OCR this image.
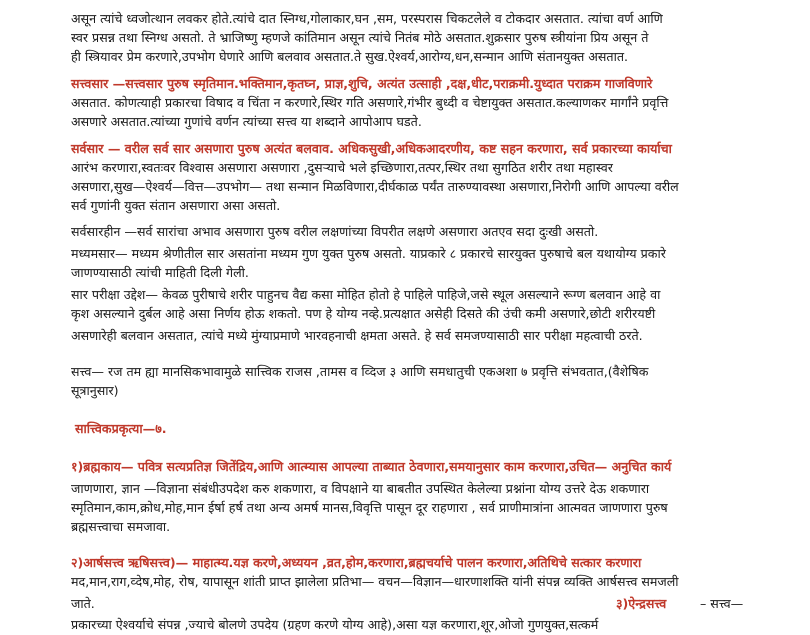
असून त्यांचे ध्वजोत्थान लवकर होते.त्यांचे दात स्निग्ध,गोलाकार,घन ,सम, परस्परास चिकटलेले व टोकदार असतात. त्यांचा वर्ण आणि
स्वर प्रसन्न तथा स्निग्ध असतो. ते भ्राजिष्णु म्हणजे कांतिमान असून त्यांचे नितंब मोठे असतात.शुक्रसार पुरुष स्त्रीयांना प्रिय असून ते
ही स्त्रियावर प्रेम करणारे,उपभोग घेणारे आणि बलवाव असतात.ते सुख.ऐश्वर्य,आरोग्य,धन,सन्मान आणि संतानयुक्त असतात.
सत्त्वसार —सत्त्वसार पुरुष स्मृतिमान.भक्तिमान,कृतघ्न, प्राज्ञ,शुचि, अत्यंत उत्साही ,दक्ष,धीट,पराक्रमी.युध्दात पराक्रम गाजविणारे
असतात. कोणत्याही प्रकारचा विषाद व चिंता न करणारे,स्थिर गति असणारे,गंभीर बुध्दी व चेष्टायुक्त असतात.कल्याणकर मार्गांने प्रवृत्ति
असणारे असतात.त्यांच्या गुणांचे वर्णन त्यांच्या सत्त्व या शब्दाने आपोआप घडते.
सर्वसार — वरील सर्व सार असणारा पुरुष अत्यंत बलवाव. अधिकसुखी,अधिकआदरणीय, कष्ट सहन करणारा, सर्व प्रकारच्या कार्याचा
आरंभ करणारा,स्वतःवर विश्वास असणारा असणारा ,दुसऱ्याचे भले इच्छिणारा,तत्पर,स्थिर तथा सुगठित शरीर तथा महास्वर
असणारा,सुख—ऐश्वर्य—वित्त—उपभोग— तथा सन्मान मिळविणारा,दीर्घकाळ पर्यंत तारुण्यावस्था असणारा,निरोगी आणि आपल्या वरील
सर्व गुणांनी युक्त संतान असणारा असा असतो.
सर्वसारहीन —सर्व सारांचा अभाव असणारा पुरुष वरील लक्षणांच्या विपरीत लक्षणे असणारा अतएव सदा दुःखी असतो.
मध्यमसार— मध्यम श्रेणीतील सार असतांना मध्यम गुण युक्त पुरुष असतो. याप्रकारे ८ प्रकारचे सारयुक्त पुरुषाचे बल यथायोग्य प्रकारे
जाणण्यासाठी त्यांची माहिती दिली गेली.
सार परीक्षा उद्देश— केवळ पुरीषाचे शरीर पाहुनच वैद्य कसा मोहित होतो हे पाहिले पाहिजे,जसे स्थूल असल्याने रूग्ण बलवान आहे वा
कृश असल्याने दुर्बल आहे असा निर्णय होऊ शकतो. पण हे योग्य नव्हे.प्रत्यक्षात असेही दिसते की उंची कमी असणारे,छोटी शरीरयष्टी
असणारेही बलवान असतात, त्यांचे मध्ये मुंग्याप्रमाणे भारवहनाची क्षमता असते. हे सर्व समजण्यासाठी सार परीक्षा महत्वाची ठरते.
सत्त्व— रज तम ह्या मानसिकभावामुळे सात्त्विक राजस ,तामस व व्दिज ३ आणि समधातुची एकअशा ७ प्रवृत्ति संभवतात,(वैशेषिक
सूत्रानुसार)
सात्त्विकप्रकृत्या—७.
१)ब्रह्मकाय— पवित्र सत्यप्रतिज्ञ जितेंद्रिय,आणि आत्म्यास आपल्या ताब्यात ठेवणारा,समयानुसार काम करणारा,उचित— अनुचित कार्य
जाणणारा, ज्ञान —विज्ञाना संबंधीउपदेश करु शकणारा, व विपक्षाने या बाबतीत उपस्थित केलेल्या प्रश्नांना योग्य उत्तरे देऊ शकणारा
स्मृतिमान,काम,क्रोध,मोह,मान ईर्षा हर्ष तथा अन्य अमर्ष मानस,विवृत्ति पासून दूर राहणारा , सर्व प्राणीमात्रांना आत्मवत जाणणारा पुरुष
ब्रह्मसत्त्वाचा समजावा.
२)आर्षसत्त्व ऋषिसत्त्व)— माहात्म्य.यज्ञ करणे,अध्ययन ,व्रत,होम,करणारा,ब्रह्मचर्याचे पालन करणारा,अतिथिचे सत्कार करणारा
मद,मान,राग,व्देष,मोह, रोष, यापासून शांती प्राप्त झालेला प्रतिभा— वचन—विज्ञान—धारणाशक्ति यांनी संपन्न व्यक्ति आर्षसत्त्व समजली
जाते.	३)ऐन्द्रसत्त्व	– सत्त्व—
प्रकारच्या ऐश्वर्याचे संपन्न ,ज्याचे बोलणे उपदेय (ग्रहण करणे योग्य आहे),असा यज्ञ करणारा,शूर,ओजो गुणयुक्त,सत्कर्म
